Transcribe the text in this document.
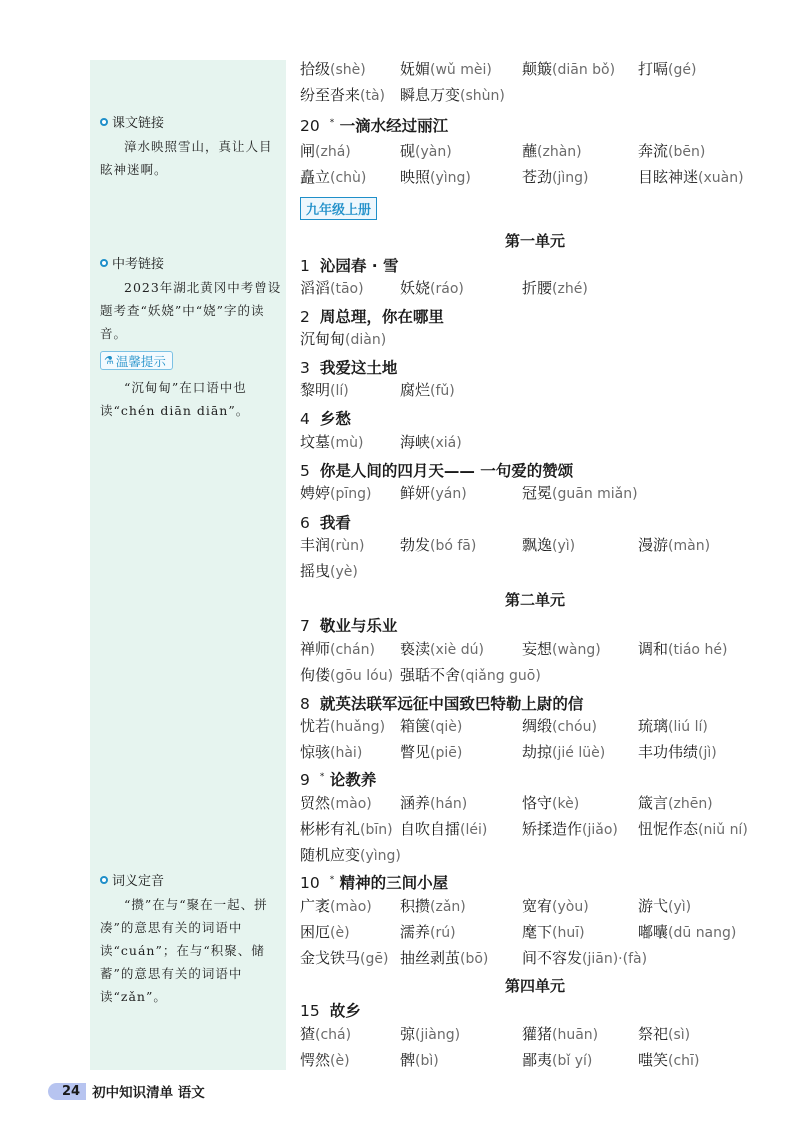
课文链接
漳水映照雪山，真让人目眩神迷啊。
中考链接
2023年湖北黄冈中考曾设题考查“妖娆”中“娆”字的读音。
⚗ 温馨提示
“沉甸甸”在口语中也读“chén diān diān”。
词义定音
“攒”在与“聚在一起、拼凑”的意思有关的词语中读“cuán”；在与“积聚、储蓄”的意思有关的词语中读“zǎn”。
20 * 一滴水经过丽江
九年级上册
第一单元
1 沁园春 · 雪
2 周总理，你在哪里
3 我爱这土地
4 乡愁
5 你是人间的四月天—— 一句爱的赞颂
6 我看
第二单元
7 敬业与乐业
8 就英法联军远征中国致巴特勒上尉的信
9 * 论教养
10 * 精神的三间小屋
第四单元
15 故乡
拾级(shè) 妩媚(wǔ mèi) 颠簸(diān bǒ) 打嗝(gé)
纷至沓来(tà) 瞬息万变(shùn)
闸(zhá)	砚(yàn)	蘸(zhàn)	奔流(bēn)
矗立(chù) 映照(yìng)	苍劲(jìng)	目眩神迷(xuàn)
滔滔(tāo) 妖娆(ráo)	折腰(zhé)
沉甸甸(diàn)
黎明(lí)	腐烂(fǔ)
坟墓(mù) 海峡(xiá)
娉婷(pīng) 鲜妍(yán)	冠冕(guān miǎn)
丰润(rùn) 勃发(bó fā)	飘逸(yì)	漫游(màn)
摇曳(yè)
禅师(chán) 亵渎(xiè dú)	妄想(wàng) 调和(tiáo hé)
佝偻(gōu lóu) 强聒不舍(qiǎng guō)
忧若(huǎng) 箱箧(qiè)	绸缎(chóu)	琉璃(liú lí)
惊骇(hài)	瞥见(piē)	劫掠(jié lüè) 丰功伟绩(jì)
贸然(mào) 涵养(hán)	恪守(kè)	箴言(zhēn)
彬彬有礼(bīn) 自吹自擂(léi) 矫揉造作(jiǎo) 忸怩作态(niǔ ní)
随机应变(yìng)
广袤(mào) 积攒(zǎn)	宽宥(yòu)	游弋(yì)
困厄(è)	濡养(rú)	麾下(huī)	嘟囔(dū nang)
金戈铁马(gē) 抽丝剥茧(bō) 间不容发(jiān)·(fà)
猹(chá)	弶(jiàng)	獾猪(huān)	祭祀(sì)
愕然(è)	髀(bì)	鄙夷(bǐ yí)	嗤笑(chī)
24 初中知识清单 语文
